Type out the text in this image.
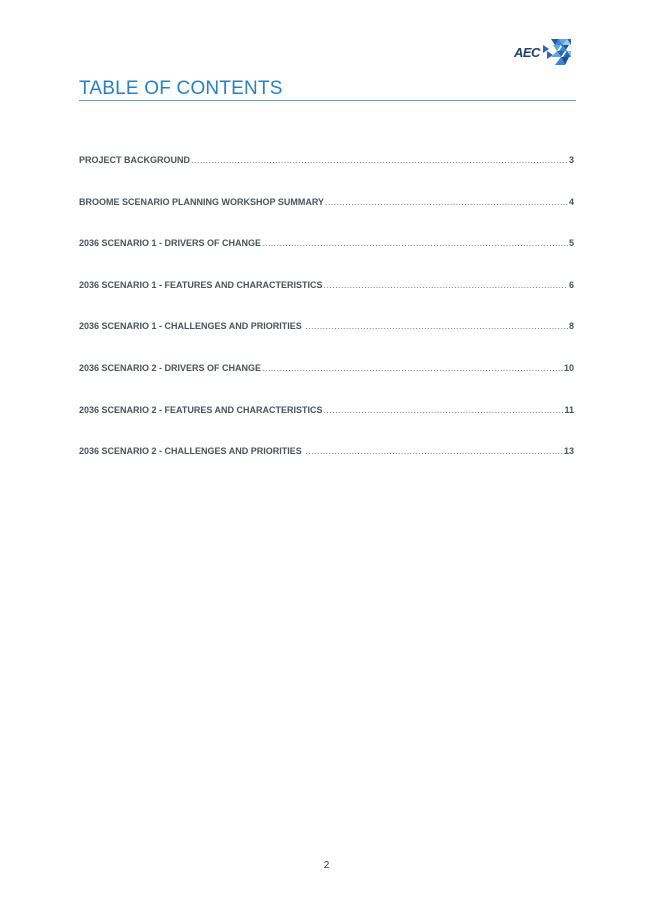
AEC
TABLE OF CONTENTS
PROJECT BACKGROUND .....	3
BROOME SCENARIO PLANNING WORKSHOP SUMMARY .....	4
2036 SCENARIO 1 - DRIVERS OF CHANGE .....	5
2036 SCENARIO 1 - FEATURES AND CHARACTERISTICS .....	6
2036 SCENARIO 1 - CHALLENGES AND PRIORITIES .....	8
2036 SCENARIO 2 - DRIVERS OF CHANGE .....	10
2036 SCENARIO 2 - FEATURES AND CHARACTERISTICS .....	11
2036 SCENARIO 2 - CHALLENGES AND PRIORITIES .....	13
2
